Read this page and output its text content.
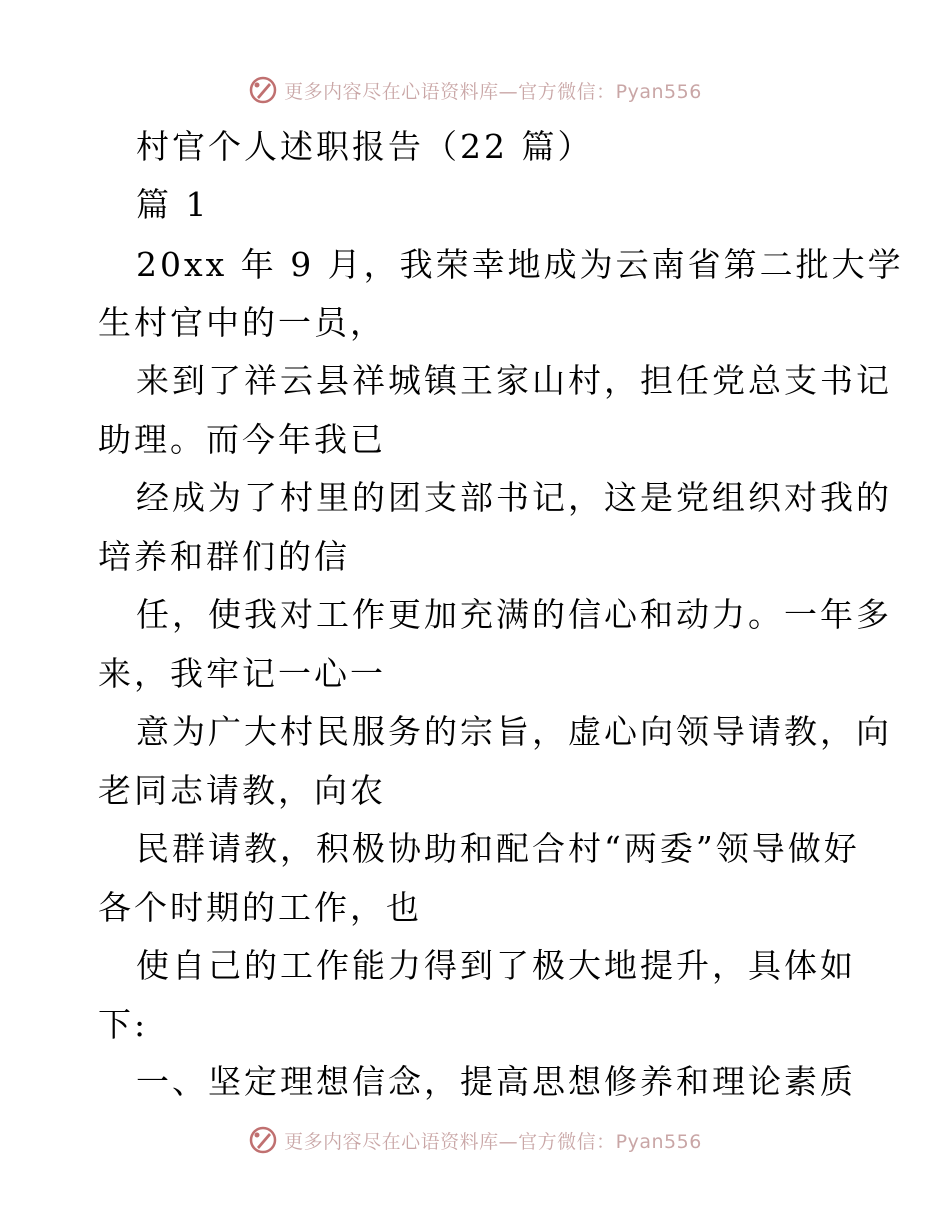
更多内容尽在心语资料库—官方微信：Pyan556
村官个人述职报告（22 篇）
篇 1
20xx 年 9 月，我荣幸地成为云南省第二批大学
生村官中的一员，
来到了祥云县祥城镇王家山村，担任党总支书记
助理。而今年我已
经成为了村里的团支部书记，这是党组织对我的
培养和群们的信
任，使我对工作更加充满的信心和动力。一年多
来，我牢记一心一
意为广大村民服务的宗旨，虚心向领导请教，向
老同志请教，向农
民群请教，积极协助和配合村“两委”领导做好
各个时期的工作，也
使自己的工作能力得到了极大地提升，具体如
下:
一、坚定理想信念，提高思想修养和理论素质
更多内容尽在心语资料库—官方微信：Pyan556
